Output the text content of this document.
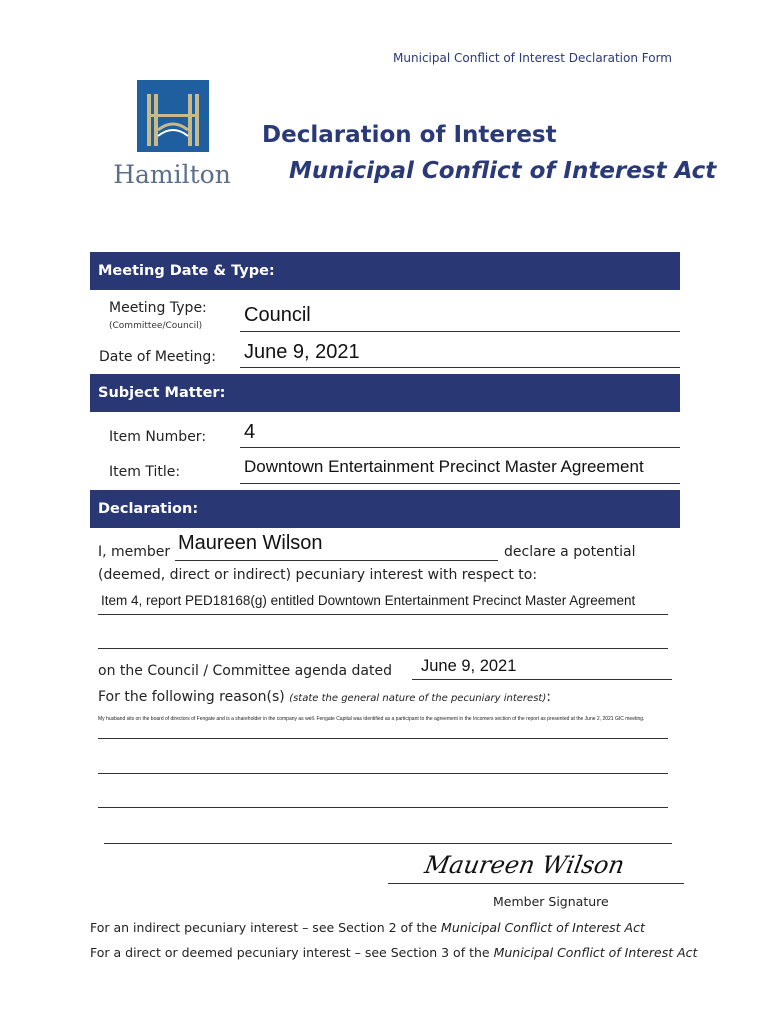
Municipal Conflict of Interest Declaration Form
Hamilton
Declaration of Interest
Municipal Conflict of Interest Act
Meeting Date & Type:
Meeting Type:
(Committee/Council) Council
Date of Meeting: June 9, 2021
Subject Matter:
Item Number: 4
Item Title:	Downtown Entertainment Precinct Master Agreement
Declaration:
I, member Maureen Wilson	declare a potential
(deemed, direct or indirect) pecuniary interest with respect to:
Item 4, report PED18168(g) entitled Downtown Entertainment Precinct Master Agreement
on the Council / Committee agenda dated June 9, 2021
For the following reason(s) (state the general nature of the pecuniary interest):
My husband sits on the board of directors of Fengate and is a shareholder in the company as well. Fengate Capital was identified as a participant to the agreement in the Incomers section of the report as presented at the June 2, 2021 GIC meeting.
Maureen Wilson
Member Signature
For an indirect pecuniary interest – see Section 2 of the Municipal Conflict of Interest Act
For a direct or deemed pecuniary interest – see Section 3 of the Municipal Conflict of Interest Act
